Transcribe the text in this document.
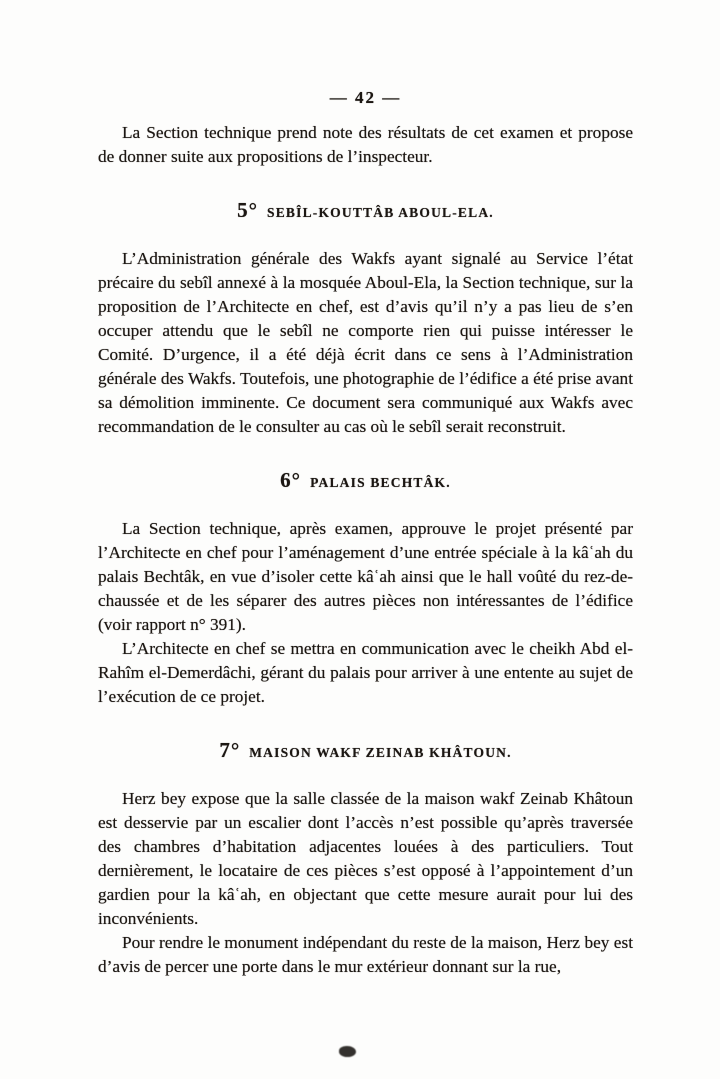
— 42 —

La Section technique prend note des résultats de cet examen et propose de donner suite aux propositions de l’inspecteur.

5° SEBÎL-KOUTTÂB ABOUL-ELA.

L’Administration générale des Wakfs ayant signalé au Service l’état précaire du sebîl annexé à la mosquée Aboul-Ela, la Section technique, sur la proposition de l’Architecte en chef, est d’avis qu’il n’y a pas lieu de s’en occuper attendu que le sebîl ne comporte rien qui puisse intéresser le Comité. D’urgence, il a été déjà écrit dans ce sens à l’Administration générale des Wakfs. Toutefois, une photographie de l’édifice a été prise avant sa démolition imminente. Ce document sera communiqué aux Wakfs avec recommandation de le consulter au cas où le sebîl serait reconstruit.

6° PALAIS BECHTÂK.

La Section technique, après examen, approuve le projet présenté par l’Architecte en chef pour l’aménagement d’une entrée spéciale à la kâʿah du palais Bechtâk, en vue d’isoler cette kâʿah ainsi que le hall voûté du rez-de-chaussée et de les séparer des autres pièces non intéressantes de l’édifice (voir rapport n° 391).

L’Architecte en chef se mettra en communication avec le cheikh Abd el-Rahîm el-Demerdâchi, gérant du palais pour arriver à une entente au sujet de l’exécution de ce projet.

7° MAISON WAKF ZEINAB KHÂTOUN.

Herz bey expose que la salle classée de la maison wakf Zeinab Khâtoun est desservie par un escalier dont l’accès n’est possible qu’après traversée des chambres d’habitation adjacentes louées à des particuliers. Tout dernièrement, le locataire de ces pièces s’est opposé à l’appointement d’un gardien pour la kâʿah, en objectant que cette mesure aurait pour lui des inconvénients.

Pour rendre le monument indépendant du reste de la maison, Herz bey est d’avis de percer une porte dans le mur extérieur donnant sur la rue,
